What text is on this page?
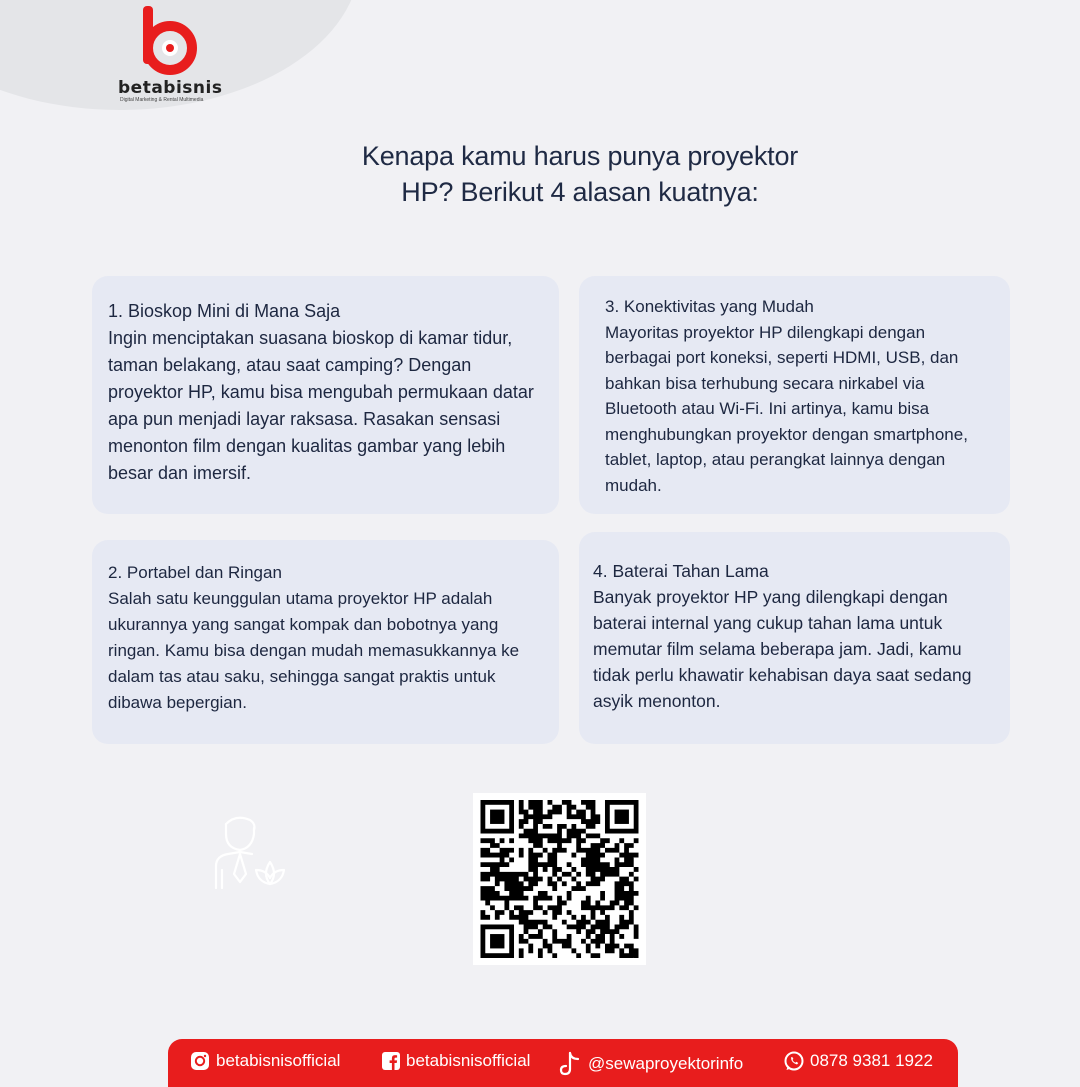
betabisnis
Digital Marketing & Rental Multimedia
Kenapa kamu harus punya proyektor
HP? Berikut 4 alasan kuatnya:
1. Bioskop Mini di Mana Saja
Ingin menciptakan suasana bioskop di kamar tidur, taman belakang, atau saat camping? Dengan proyektor HP, kamu bisa mengubah permukaan datar apa pun menjadi layar raksasa. Rasakan sensasi menonton film dengan kualitas gambar yang lebih besar dan imersif.
3. Konektivitas yang Mudah
Mayoritas proyektor HP dilengkapi dengan berbagai port koneksi, seperti HDMI, USB, dan bahkan bisa terhubung secara nirkabel via Bluetooth atau Wi-Fi. Ini artinya, kamu bisa menghubungkan proyektor dengan smartphone, tablet, laptop, atau perangkat lainnya dengan mudah.
2. Portabel dan Ringan
Salah satu keunggulan utama proyektor HP adalah ukurannya yang sangat kompak dan bobotnya yang ringan. Kamu bisa dengan mudah memasukkannya ke dalam tas atau saku, sehingga sangat praktis untuk dibawa bepergian.
4. Baterai Tahan Lama
Banyak proyektor HP yang dilengkapi dengan baterai internal yang cukup tahan lama untuk memutar film selama beberapa jam. Jadi, kamu tidak perlu khawatir kehabisan daya saat sedang asyik menonton.
betabisnisofficial	betabisnisofficial	@sewaproyektorinfo	0878 9381 1922
